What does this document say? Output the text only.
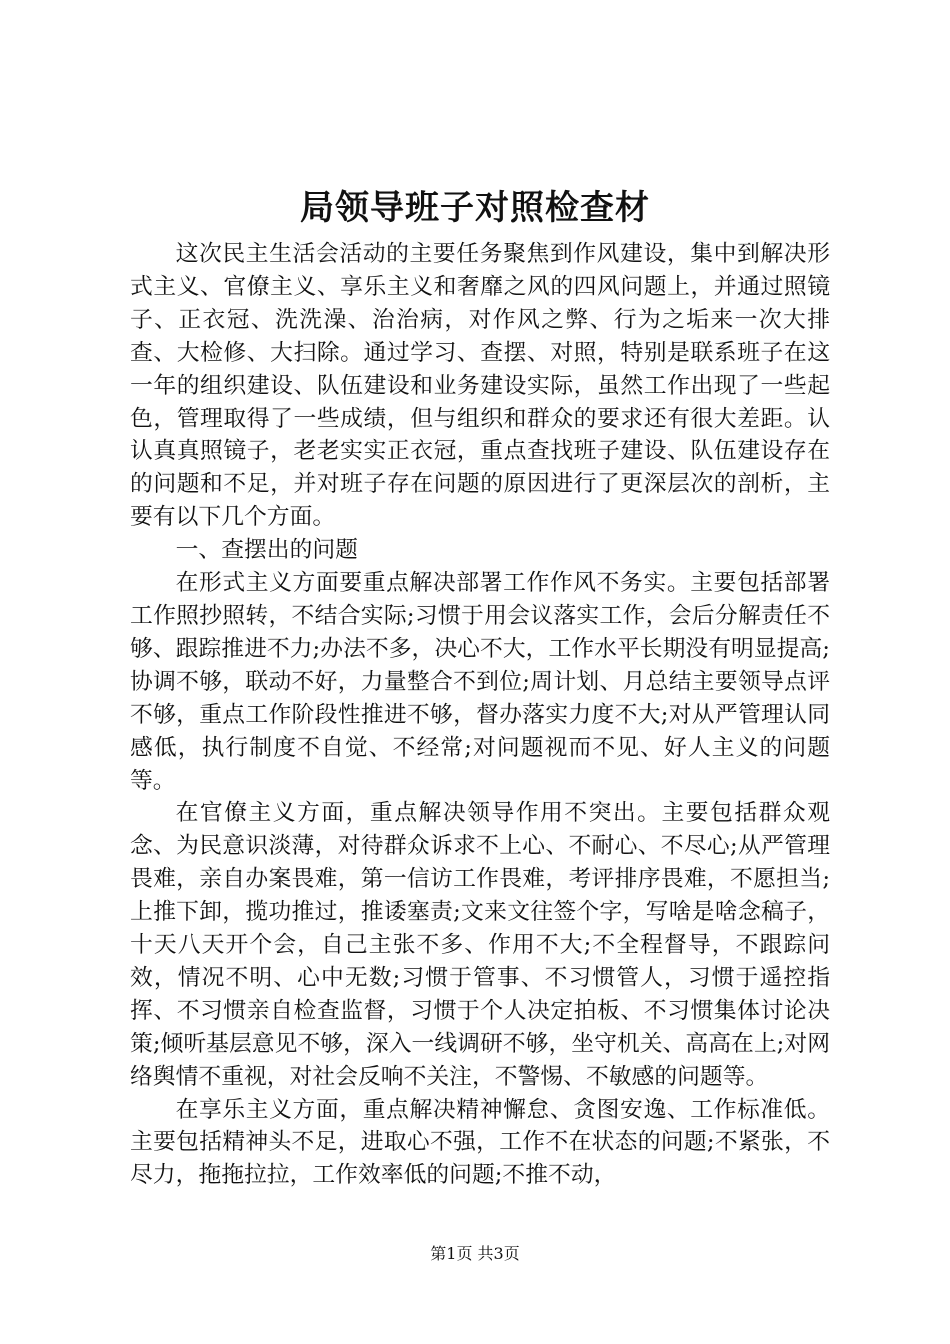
局领导班子对照检查材

这次民主生活会活动的主要任务聚焦到作风建设，集中到解决形式主义、官僚主义、享乐主义和奢靡之风的四风问题上，并通过照镜子、正衣冠、洗洗澡、治治病，对作风之弊、行为之垢来一次大排查、大检修、大扫除。通过学习、查摆、对照，特别是联系班子在这一年的组织建设、队伍建设和业务建设实际，虽然工作出现了一些起色，管理取得了一些成绩，但与组织和群众的要求还有很大差距。认认真真照镜子，老老实实正衣冠，重点查找班子建设、队伍建设存在的问题和不足，并对班子存在问题的原因进行了更深层次的剖析，主要有以下几个方面。

一、查摆出的问题

在形式主义方面要重点解决部署工作作风不务实。主要包括部署工作照抄照转，不结合实际;习惯于用会议落实工作，会后分解责任不够、跟踪推进不力;办法不多，决心不大，工作水平长期没有明显提高;协调不够，联动不好，力量整合不到位;周计划、月总结主要领导点评不够，重点工作阶段性推进不够，督办落实力度不大;对从严管理认同感低，执行制度不自觉、不经常;对问题视而不见、好人主义的问题等。

在官僚主义方面，重点解决领导作用不突出。主要包括群众观念、为民意识淡薄，对待群众诉求不上心、不耐心、不尽心;从严管理畏难，亲自办案畏难，第一信访工作畏难，考评排序畏难，不愿担当;上推下卸，揽功推过，推诿塞责;文来文往签个字，写啥是啥念稿子，十天八天开个会，自己主张不多、作用不大;不全程督导，不跟踪问效，情况不明、心中无数;习惯于管事、不习惯管人，习惯于遥控指挥、不习惯亲自检查监督，习惯于个人决定拍板、不习惯集体讨论决策;倾听基层意见不够，深入一线调研不够，坐守机关、高高在上;对网络舆情不重视，对社会反响不关注，不警惕、不敏感的问题等。

在享乐主义方面，重点解决精神懈怠、贪图安逸、工作标准低。主要包括精神头不足，进取心不强，工作不在状态的问题;不紧张，不尽力，拖拖拉拉，工作效率低的问题;不推不动，

第1页 共3页
